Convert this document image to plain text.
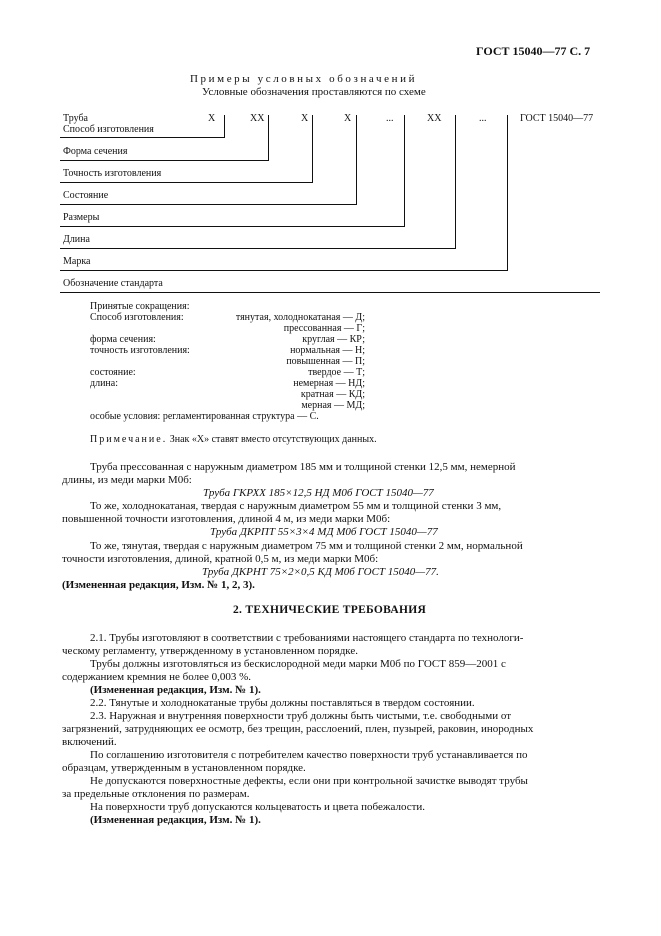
ГОСТ 15040—77 С. 7
Примеры условных обозначений
Условные обозначения проставляются по схеме
X	XX	X	X	...	XX	...	ГОСТ 15040—77
Труба
Способ изготовления
Форма сечения
Точность изготовления
Состояние
Размеры
Длина
Марка
Обозначение стандарта
Принятые сокращения:
Способ изготовления:	тянутая, холоднокатаная — Д;
прессованная — Г;
форма сечения:	круглая — КР;
точность изготовления:	нормальная — Н;
повышенная — П;
состояние:	твердое — Т;
длина:	немерная — НД;
кратная — КД;
мерная — МД;
особые условия: регламентированная структура — С.
Примечание. Знак «X» ставят вместо отсутствующих данных.
Труба прессованная с наружным диаметром 185 мм и толщиной стенки 12,5 мм, немерной
длины, из меди марки М0б:
Труба ГКРХХ 185×12,5 НД М0б ГОСТ 15040—77
То же, холоднокатаная, твердая с наружным диаметром 55 мм и толщиной стенки 3 мм,
повышенной точности изготовления, длиной 4 м, из меди марки М0б:
Труба ДКРПТ 55×3×4 МД М0б ГОСТ 15040—77
То же, тянутая, твердая с наружным диаметром 75 мм и толщиной стенки 2 мм, нормальной
точности изготовления, длиной, кратной 0,5 м, из меди марки М0б:
Труба ДКРНТ 75×2×0,5 КД М0б ГОСТ 15040—77.
(Измененная редакция, Изм. № 1, 2, 3).
2. ТЕХНИЧЕСКИЕ ТРЕБОВАНИЯ
2.1. Трубы изготовляют в соответствии с требованиями настоящего стандарта по технологи-
ческому регламенту, утвержденному в установленном порядке.
Трубы должны изготовляться из бескислородной меди марки М0б по ГОСТ 859—2001 с
содержанием кремния не более 0,003 %.
(Измененная редакция, Изм. № 1).
2.2. Тянутые и холоднокатаные трубы должны поставляться в твердом состоянии.
2.3. Наружная и внутренняя поверхности труб должны быть чистыми, т.е. свободными от
загрязнений, затрудняющих ее осмотр, без трещин, расслоений, плен, пузырей, раковин, инородных
включений.
По соглашению изготовителя с потребителем качество поверхности труб устанавливается по
образцам, утвержденным в установленном порядке.
Не допускаются поверхностные дефекты, если они при контрольной зачистке выводят трубы
за предельные отклонения по размерам.
На поверхности труб допускаются кольцеватость и цвета побежалости.
(Измененная редакция, Изм. № 1).
